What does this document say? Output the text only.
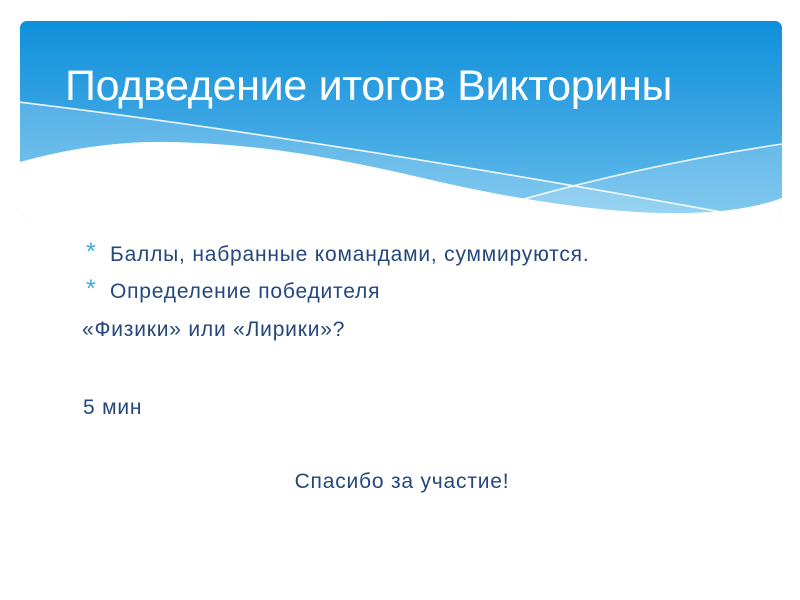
Подведение итогов Викторины
* Баллы, набранные командами, суммируются.
* Определение победителя
«Физики» или «Лирики»?
5 мин
Спасибо за участие!
